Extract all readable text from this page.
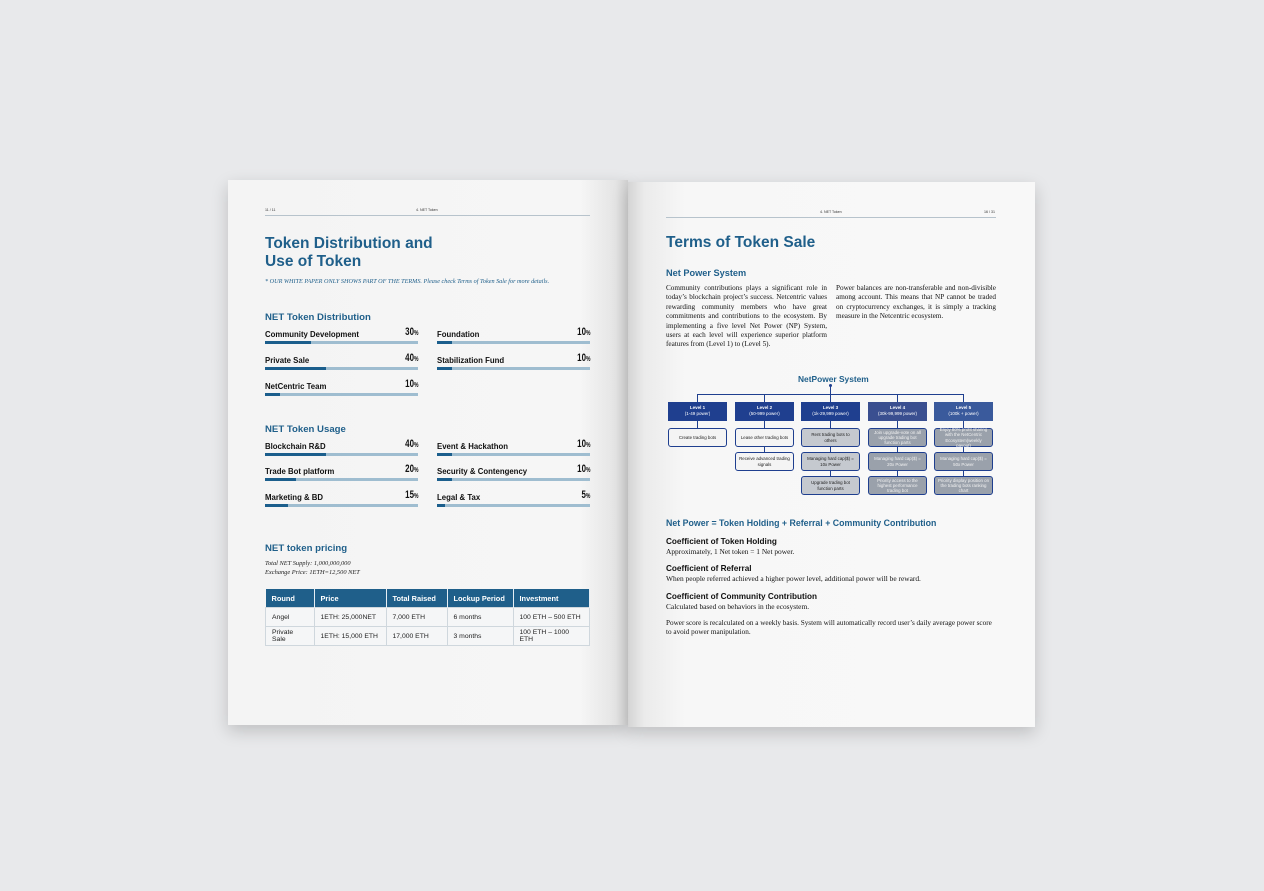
11 / 11	4. NET Token
Token Distribution and
Use of Token
* OUR WHITE PAPER ONLY SHOWS PART OF THE TERMS. Please check Terms of Token Sale for more details.
NET Token Distribution
Community Development	30% Foundation	10%
Private Sale	40% Stabilization Fund	10%
NetCentric Team	10%
NET Token Usage
Blockchain R&D	40% Event & Hackathon	10%
Trade Bot platform	20% Security & Contengency	10%
Marketing & BD	15% Legal & Tax	5%
NET token pricing
Total NET Supply: 1,000,000,000
Exchange Price: 1ETH=12,500 NET
Round	Price	Total Raised	Lockup Period	Investment
Angel	1ETH: 25,000NET	7,000 ETH	6 months	100 ETH – 500 ETH
Private Sale	1ETH: 15,000 ETH	17,000 ETH	3 months	100 ETH – 1000 ETH
4. NET Token	16 / 31
Terms of Token Sale
Net Power System
Community contributions plays a significant role in today’s blockchain project’s success. Netcentric values rewarding community members who have great commitments and contributions to the ecosystem. By implementing a five level Net Power (NP) System, users at each level will experience superior platform features from (Level 1) to (Level 5).
Power balances are non-transferable and non-divisible among account. This means that NP cannot be traded on cryptocurrency exchanges, it is simply a tracking measure in the Netcentric ecosystem.
NetPower System
Level 1
(1-49 power)
Create trading bots
Level 2
(50-999 power)
Lease other trading bots
Receive advanced trading signals
Level 3
(1k-29,999 power)
Rent trading bots to others
Managing hard cap($) = 10x Power
Upgrade trading bot function parts
Level 4
(30k-99,999 power)
Join upgrade-vote on all upgrade trading bot function parts
Managing hard cap($) = 20x Power
Priority access to the highest performance trading bot
Level 5
(100k + power)
Enjoy 80% profit sharing with the NetCentric Ecosystem(weekly payout)
Managing hard cap($) = 50x Power
Priority display position on the trading bots ranking chart
Net Power = Token Holding + Referral + Community Contribution
Coefficient of Token Holding
Approximately, 1 Net token = 1 Net power.
Coefficient of Referral
When people referred achieved a higher power level, additional power will be reward.
Coefficient of Community Contribution
Calculated based on behaviors in the ecosystem.
Power score is recalculated on a weekly basis. System will automatically record user’s daily average power score to avoid power manipulation.
